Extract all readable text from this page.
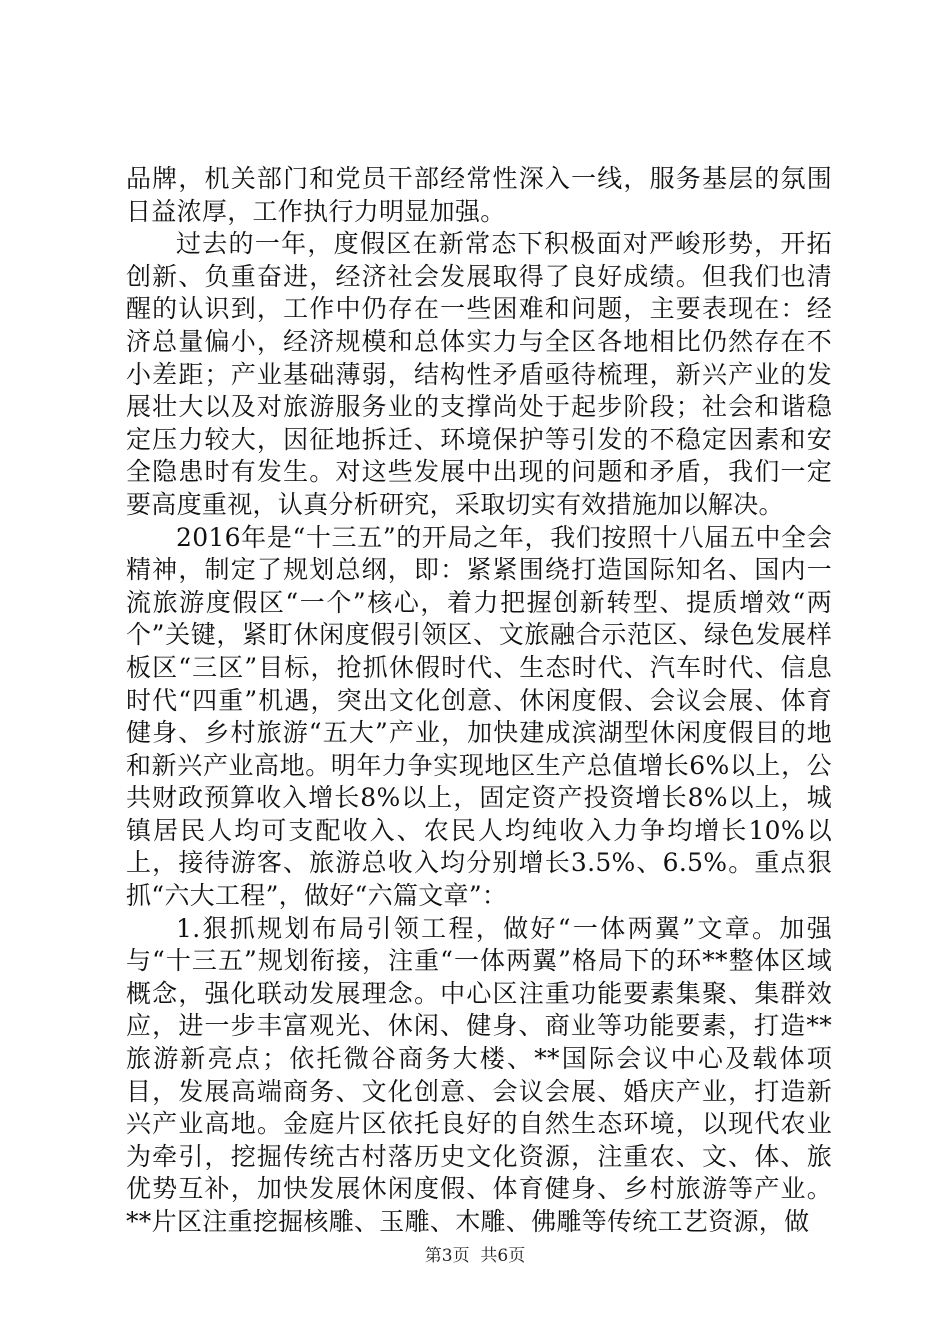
品牌，机关部门和党员干部经常性深入一线，服务基层的氛围日益浓厚，工作执行力明显加强。

过去的一年，度假区在新常态下积极面对严峻形势，开拓创新、负重奋进，经济社会发展取得了良好成绩。但我们也清醒的认识到，工作中仍存在一些困难和问题，主要表现在：经济总量偏小，经济规模和总体实力与全区各地相比仍然存在不小差距；产业基础薄弱，结构性矛盾亟待梳理，新兴产业的发展壮大以及对旅游服务业的支撑尚处于起步阶段；社会和谐稳定压力较大，因征地拆迁、环境保护等引发的不稳定因素和安全隐患时有发生。对这些发展中出现的问题和矛盾，我们一定要高度重视，认真分析研究，采取切实有效措施加以解决。

2016年是“十三五”的开局之年，我们按照十八届五中全会精神，制定了规划总纲，即：紧紧围绕打造国际知名、国内一流旅游度假区“一个”核心，着力把握创新转型、提质增效“两个”关键，紧盯休闲度假引领区、文旅融合示范区、绿色发展样板区“三区”目标，抢抓休假时代、生态时代、汽车时代、信息时代“四重”机遇，突出文化创意、休闲度假、会议会展、体育健身、乡村旅游“五大”产业，加快建成滨湖型休闲度假目的地和新兴产业高地。明年力争实现地区生产总值增长6%以上，公共财政预算收入增长8%以上，固定资产投资增长8%以上，城镇居民人均可支配收入、农民人均纯收入力争均增长10%以上，接待游客、旅游总收入均分别增长3.5%、6.5%。重点狠抓“六大工程”，做好“六篇文章”：

1.狠抓规划布局引领工程，做好“一体两翼”文章。加强与“十三五”规划衔接，注重“一体两翼”格局下的环**整体区域概念，强化联动发展理念。中心区注重功能要素集聚、集群效应，进一步丰富观光、休闲、健身、商业等功能要素，打造**旅游新亮点；依托微谷商务大楼、**国际会议中心及载体项目，发展高端商务、文化创意、会议会展、婚庆产业，打造新兴产业高地。金庭片区依托良好的自然生态环境，以现代农业为牵引，挖掘传统古村落历史文化资源，注重农、文、体、旅优势互补，加快发展休闲度假、体育健身、乡村旅游等产业。**片区注重挖掘核雕、玉雕、木雕、佛雕等传统工艺资源，做

第3页 共6页
